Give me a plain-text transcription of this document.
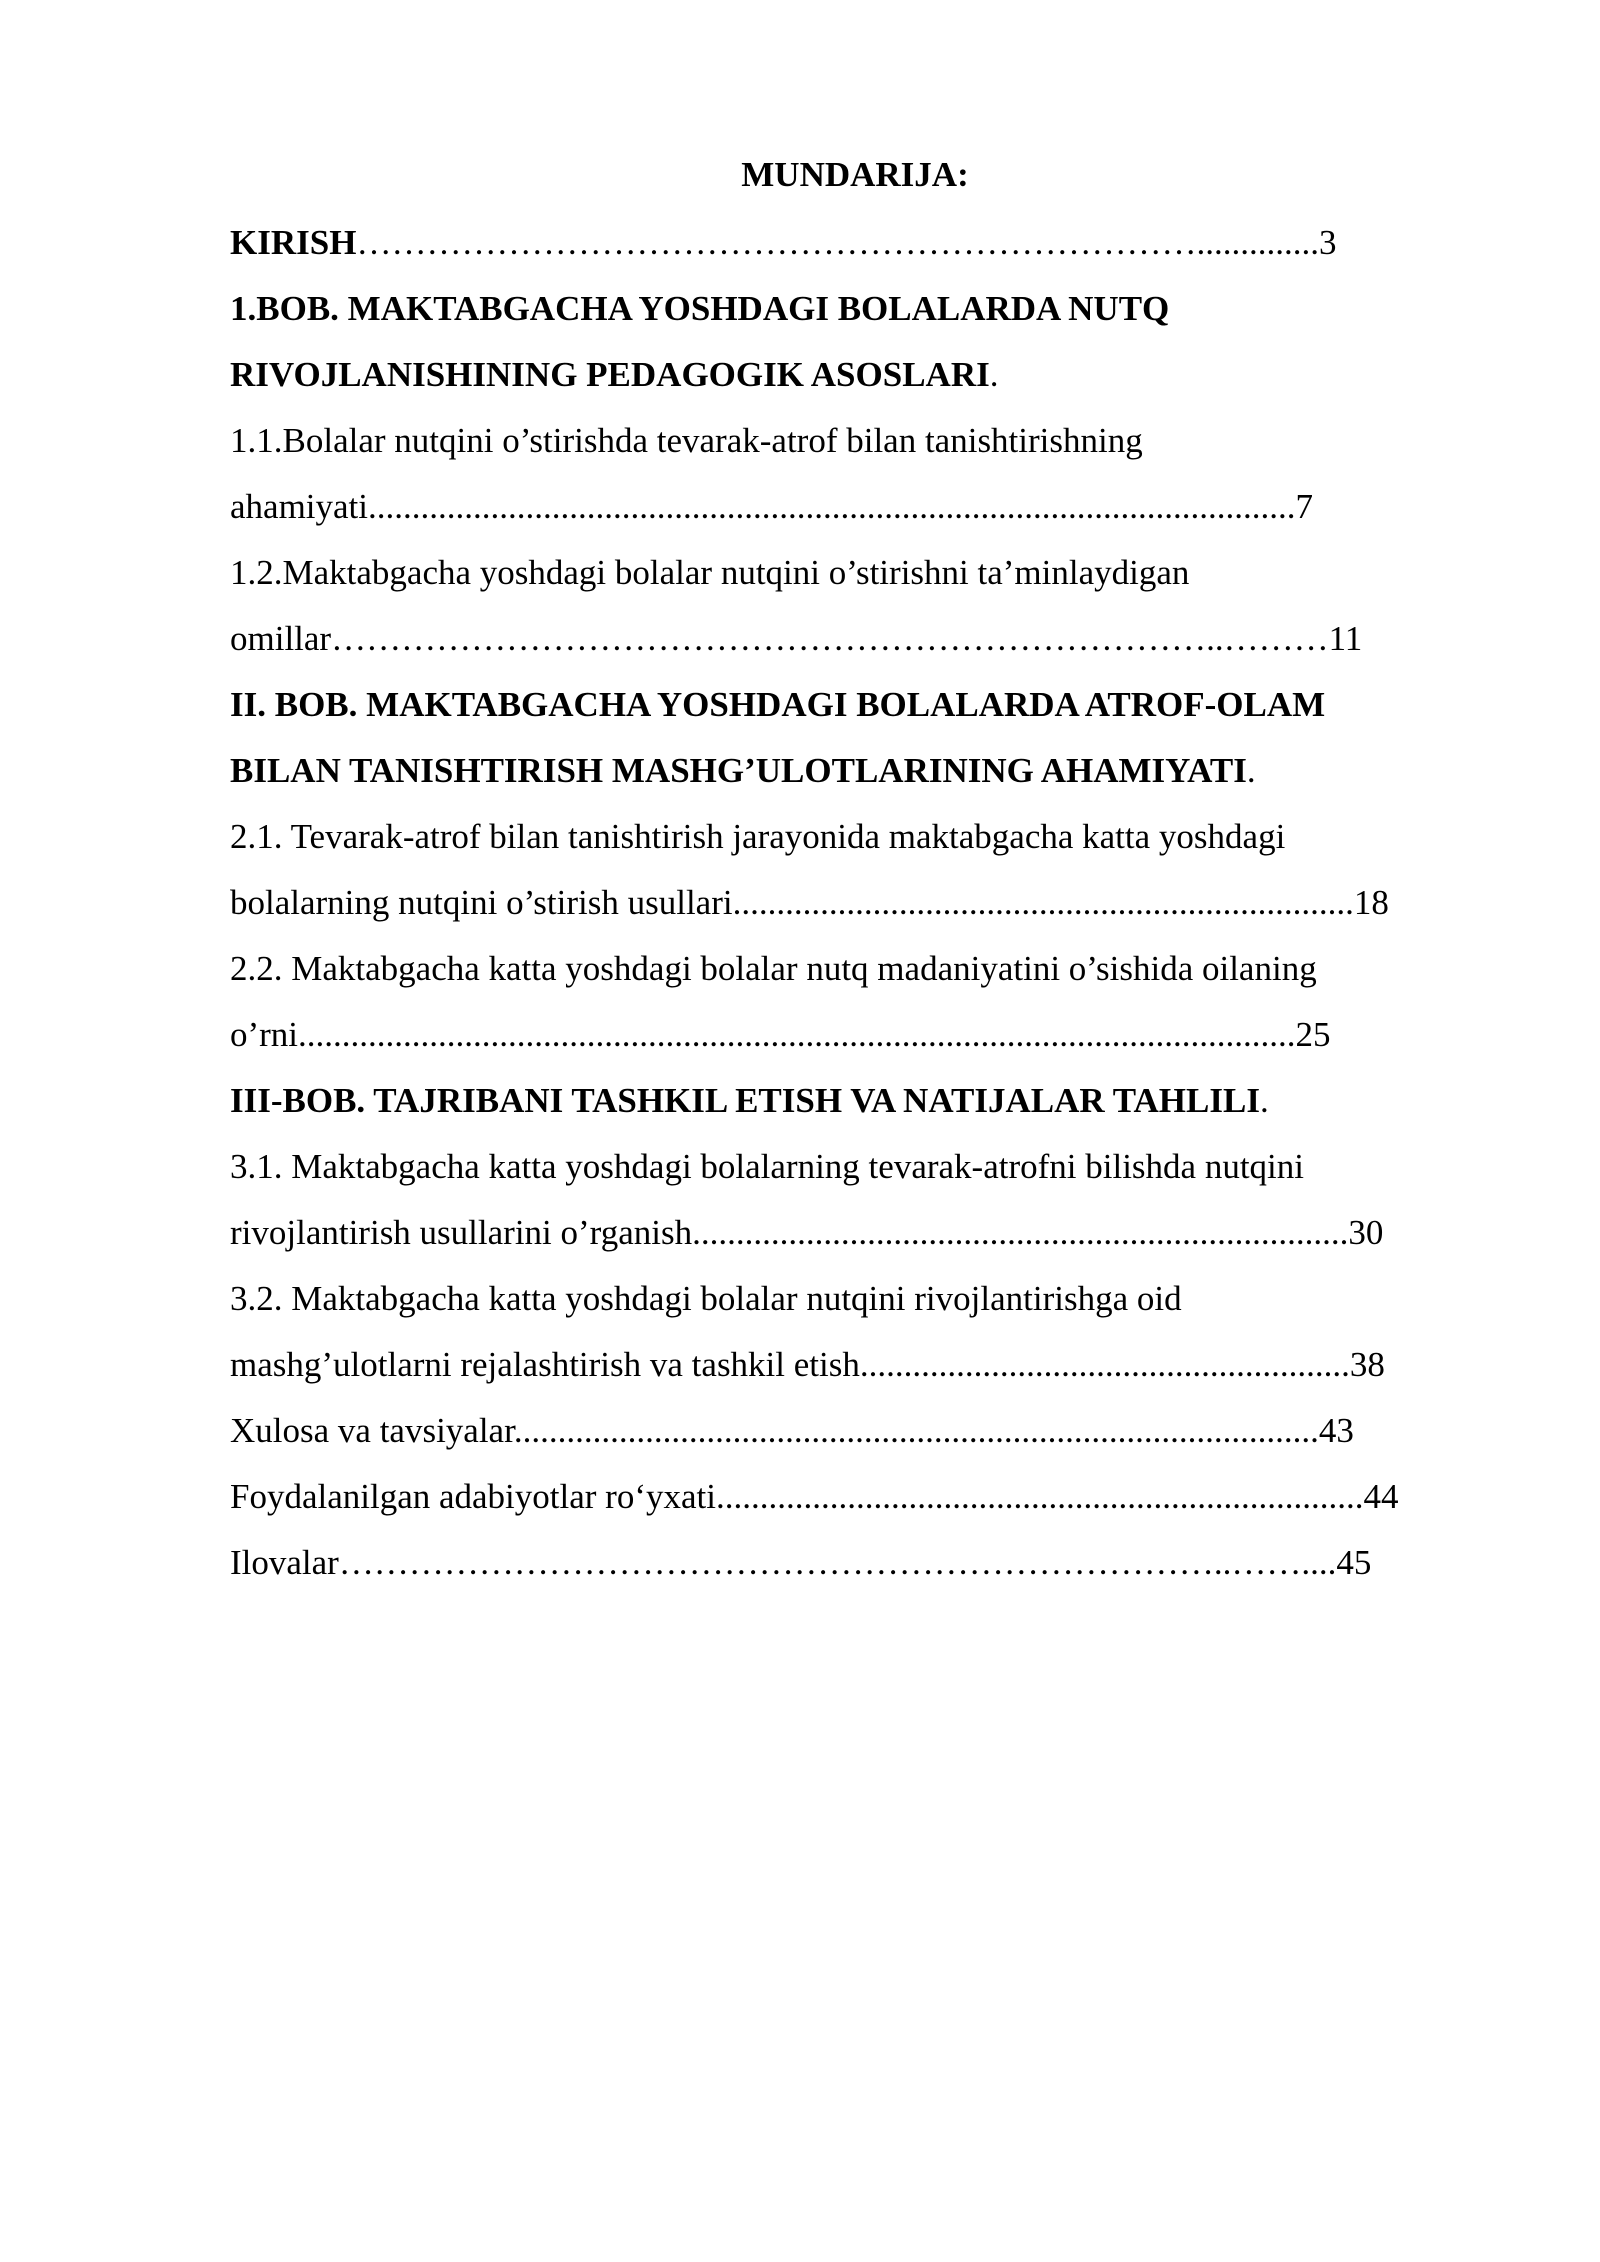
MUNDARIJA:
KIRISH………………………………………………………………..............3
1.BOB. MAKTABGACHA YOSHDAGI BOLALARDA NUTQ
RIVOJLANISHINING PEDAGOGIK ASOSLARI.
1.1.Bolalar nutqini o’stirishda tevarak-atrof bilan tanishtirishning
ahamiyati..........................................................................................................7
1.2.Maktabgacha yoshdagi bolalar nutqini o’stirishni ta’minlaydigan
omillar…………………………………………………………………..………11
II. BOB. MAKTABGACHA YOSHDAGI BOLALARDA ATROF-OLAM
BILAN TANISHTIRISH MASHG’ULOTLARINING AHAMIYATI.
2.1. Tevarak-atrof bilan tanishtirish jarayonida maktabgacha katta yoshdagi
bolalarning nutqini o’stirish usullari.......................................................................18
2.2. Maktabgacha katta yoshdagi bolalar nutq madaniyatini o’sishida oilaning
o’rni..................................................................................................................25
III-BOB. TAJRIBANI TASHKIL ETISH VA NATIJALAR TAHLILI.
3.1. Maktabgacha katta yoshdagi bolalarning tevarak-atrofni bilishda nutqini
rivojlantirish usullarini o’rganish...........................................................................30
3.2. Maktabgacha katta yoshdagi bolalar nutqini rivojlantirishga oid
mashg’ulotlarni rejalashtirish va tashkil etish........................................................38
Xulosa va tavsiyalar............................................................................................43
Foydalanilgan adabiyotlar ro‘yxati..........................................................................44
Ilovalar…………………………………………………………………..……....45
